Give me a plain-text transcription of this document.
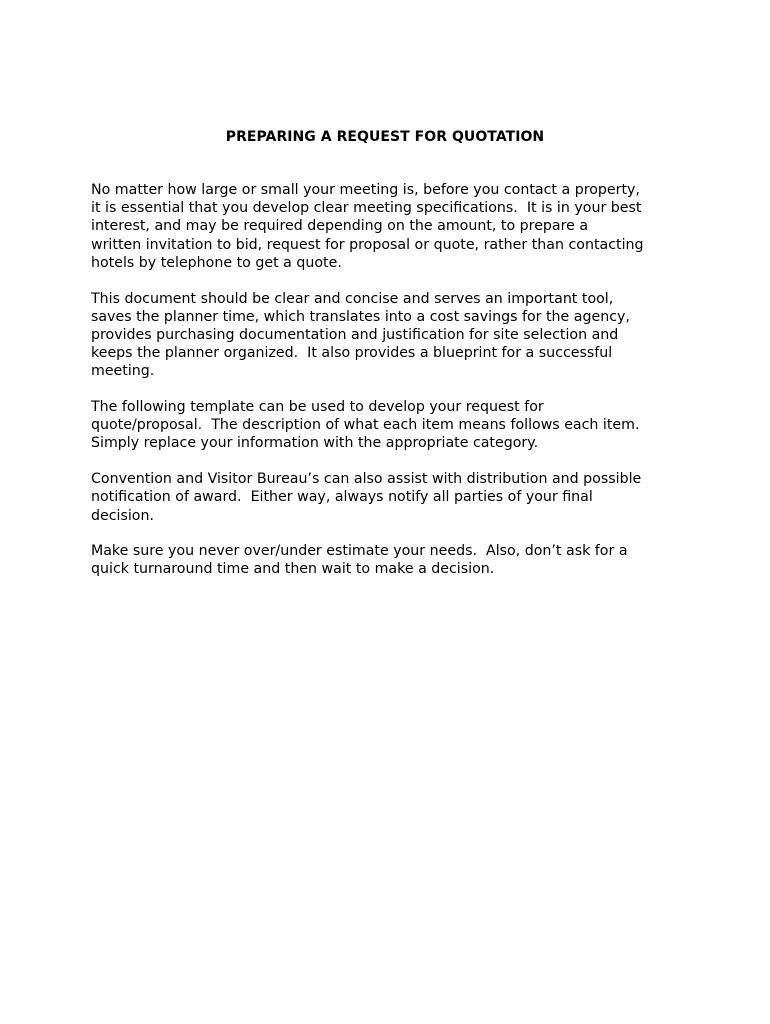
PREPARING A REQUEST FOR QUOTATION
No matter how large or small your meeting is, before you contact a property,
it is essential that you develop clear meeting specifications.  It is in your best
interest, and may be required depending on the amount, to prepare a
written invitation to bid, request for proposal or quote, rather than contacting
hotels by telephone to get a quote.
This document should be clear and concise and serves an important tool,
saves the planner time, which translates into a cost savings for the agency,
provides purchasing documentation and justification for site selection and
keeps the planner organized.  It also provides a blueprint for a successful
meeting.
The following template can be used to develop your request for
quote/proposal.  The description of what each item means follows each item.
Simply replace your information with the appropriate category.
Convention and Visitor Bureau’s can also assist with distribution and possible
notification of award.  Either way, always notify all parties of your final
decision.
Make sure you never over/under estimate your needs.  Also, don’t ask for a
quick turnaround time and then wait to make a decision.
